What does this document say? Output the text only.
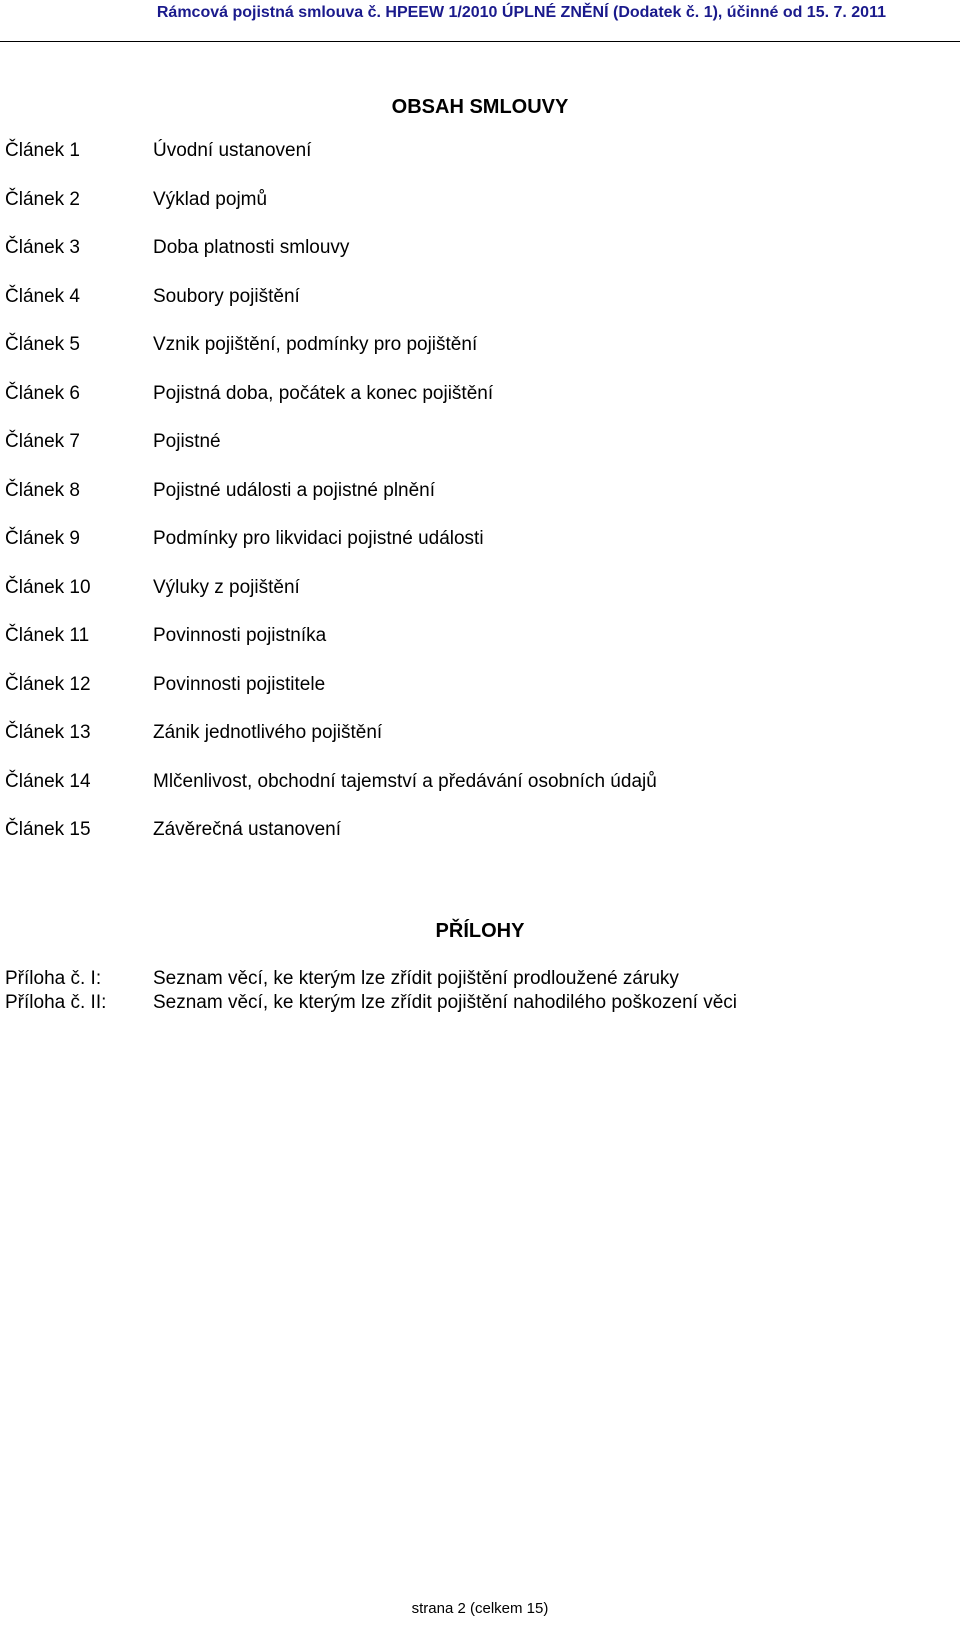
Rámcová pojistná smlouva č. HPEEW 1/2010 ÚPLNÉ ZNĚNÍ (Dodatek č. 1), účinné od 15. 7. 2011
OBSAH SMLOUVY
Článek 1	Úvodní ustanovení
Článek 2	Výklad pojmů
Článek 3	Doba platnosti smlouvy
Článek 4	Soubory pojištění
Článek 5	Vznik pojištění, podmínky pro pojištění
Článek 6	Pojistná doba, počátek a konec pojištění
Článek 7	Pojistné
Článek 8	Pojistné události a pojistné plnění
Článek 9	Podmínky pro likvidaci pojistné události
Článek 10	Výluky z pojištění
Článek 11	Povinnosti pojistníka
Článek 12	Povinnosti pojistitele
Článek 13	Zánik jednotlivého pojištění
Článek 14	Mlčenlivost, obchodní tajemství a předávání osobních údajů
Článek 15	Závěrečná ustanovení
PŘÍLOHY
Příloha č. I:	Seznam věcí, ke kterým lze zřídit pojištění prodloužené záruky
Příloha č. II: Seznam věcí, ke kterým lze zřídit pojištění nahodilého poškození věci
strana 2 (celkem 15)
